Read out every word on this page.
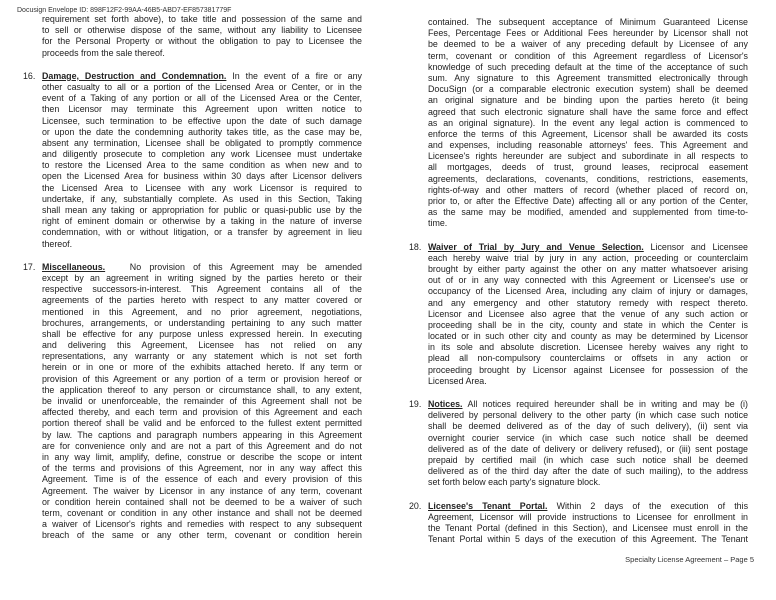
Docusign Envelope ID: 898F12F2-99AA-46B5-ABD7-EF857381779F
requirement set forth above), to take title and possession of the same and
to sell or otherwise dispose of the same, without any liability to Licensee
for the Personal Property or without the obligation to pay to Licensee the
proceeds from the sale thereof.
16. Damage, Destruction and Condemnation. In the event of a fire or any
other casualty to all or a portion of the Licensed Area or Center, or in the
event of a Taking of any portion or all of the Licensed Area or the Center,
then Licensor may terminate this Agreement upon written notice to
Licensee, such termination to be effective upon the date of such damage
or upon the date the condemning authority takes title, as the case may be,
absent any termination, Licensee shall be obligated to promptly commence
and diligently prosecute to completion any work Licensee must undertake
to restore the Licensed Area to the same condition as when new and to
open the Licensed Area for business within 30 days after Licensor delivers
the Licensed Area to Licensee with any work Licensor is required to
undertake, if any, substantially complete. As used in this Section, Taking
shall mean any taking or appropriation for public or quasi-public use by the
right of eminent domain or otherwise by a taking in the nature of inverse
condemnation, with or without litigation, or a transfer by agreement in lieu
thereof.
17. Miscellaneous.   No provision of this Agreement may be amended
except by an agreement in writing signed by the parties hereto or their
respective successors-in-interest. This Agreement contains all of the
agreements of the parties hereto with respect to any matter covered or
mentioned in this Agreement, and no prior agreement, negotiations,
brochures, arrangements, or understanding pertaining to any such matter
shall be effective for any purpose unless expressed herein. In executing
and delivering this Agreement, Licensee has not relied on any
representations, any warranty or any statement which is not set forth
herein or in one or more of the exhibits attached hereto. If any term or
provision of this Agreement or any portion of a term or provision hereof or
the application thereof to any person or circumstance shall, to any extent,
be invalid or unenforceable, the remainder of this Agreement shall not be
affected thereby, and each term and provision of this Agreement and each
portion thereof shall be valid and be enforced to the fullest extent permitted
by law. The captions and paragraph numbers appearing in this Agreement
are for convenience only and are not a part of this Agreement and do not
in any way limit, amplify, define, construe or describe the scope or intent
of the terms and provisions of this Agreement, nor in any way affect this
Agreement. Time is of the essence of each and every provision of this
Agreement. The waiver by Licensor in any instance of any term, covenant
or condition herein contained shall not be deemed to be a waiver of such
term, covenant or condition in any other instance and shall not be deemed
a waiver of Licensor's rights and remedies with respect to any subsequent
breach of the same or any other term, covenant or condition herein
contained. The subsequent acceptance of Minimum Guaranteed License
Fees, Percentage Fees or Additional Fees hereunder by Licensor shall not
be deemed to be a waiver of any preceding default by Licensee of any
term, covenant or condition of this Agreement regardless of Licensor's
knowledge of such preceding default at the time of the acceptance of such
sum. Any signature to this Agreement transmitted electronically through
DocuSign (or a comparable electronic execution system) shall be deemed
an original signature and be binding upon the parties hereto (it being
agreed that such electronic signature shall have the same force and effect
as an original signature). In the event any legal action is commenced to
enforce the terms of this Agreement, Licensor shall be awarded its costs
and expenses, including reasonable attorneys' fees. This Agreement and
Licensee's rights hereunder are subject and subordinate in all respects to
all mortgages, deeds of trust, ground leases, reciprocal easement
agreements, declarations, covenants, conditions, restrictions, easements,
rights-of-way and other matters of record (whether placed of record on,
prior to, or after the Effective Date) affecting all or any portion of the Center,
as the same may be modified, amended and supplemented from time-to-
time.
18. Waiver of Trial by Jury and Venue Selection. Licensor and Licensee
each hereby waive trial by jury in any action, proceeding or counterclaim
brought by either party against the other on any matter whatsoever arising
out of or in any way connected with this Agreement or Licensee's use or
occupancy of the Licensed Area, including any claim of injury or damages,
and any emergency and other statutory remedy with respect thereto.
Licensor and Licensee also agree that the venue of any such action or
proceeding shall be in the city, county and state in which the Center is
located or in such other city and county as may be determined by Licensor
in its sole and absolute discretion. Licensee hereby waives any right to
plead all non-compulsory counterclaims or offsets in any action or
proceeding brought by Licensor against Licensee for possession of the
Licensed Area.
19. Notices. All notices required hereunder shall be in writing and may be (i)
delivered by personal delivery to the other party (in which case such notice
shall be deemed delivered as of the day of such delivery), (ii) sent via
overnight courier service (in which case such notice shall be deemed
delivered as of the date of delivery or delivery refused), or (iii) sent postage
prepaid by certified mail (in which case such notice shall be deemed
delivered as of the third day after the date of such mailing), to the address
set forth below each party's signature block.
20. Licensee's Tenant Portal. Within 2 days of the execution of this
Agreement, Licensor will provide instructions to Licensee for enrollment in
the Tenant Portal (defined in this Section), and Licensee must enroll in the
Tenant Portal within 5 days of the execution of this Agreement. The Tenant
Specialty License Agreement – Page 5
